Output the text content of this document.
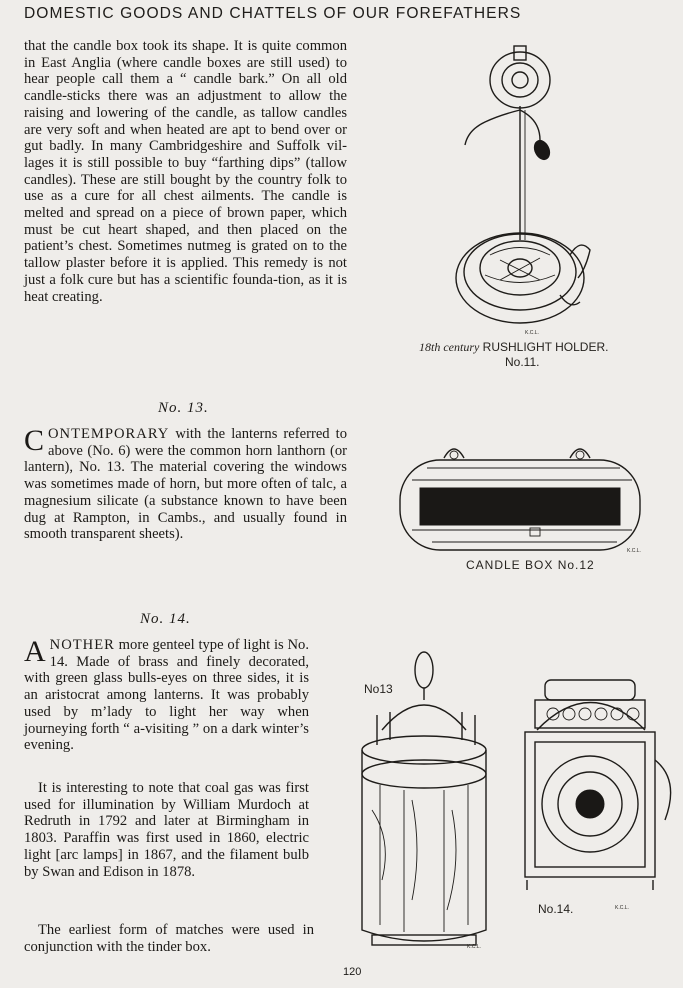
DOMESTIC GOODS AND CHATTELS OF OUR FOREFATHERS

that the candle box took its shape. It is quite common in East Anglia (where candle boxes are still used) to hear people call them a “ candle bark.” On all old candle-sticks there was an adjustment to allow the raising and lowering of the candle, as tallow candles are very soft and when heated are apt to bend over or gut badly. In many Cambridgeshire and Suffolk vil-lages it is still possible to buy “farthing dips” (tallow candles). These are still bought by the country folk to use as a cure for all chest ailments. The candle is melted and spread on a piece of brown paper, which must be cut heart shaped, and then placed on the patient’s chest. Sometimes nutmeg is grated on to the tallow plaster before it is applied. This remedy is not just a folk cure but has a scientific founda-tion, as it is heat creating.

No. 13.

CONTEMPORARY with the lanterns referred to above (No. 6) were the common horn lanthorn (or lantern), No. 13. The material covering the windows was sometimes made of horn, but more often of talc, a magnesium silicate (a substance known to have been dug at Rampton, in Cambs., and usually found in smooth transparent sheets).

No. 14.

ANOTHER more genteel type of light is No. 14. Made of brass and finely decorated, with green glass bulls-eyes on three sides, it is an aristocrat among lanterns. It was probably used by m’lady to light her way when journeying forth “ a-visiting ” on a dark winter’s evening.

It is interesting to note that coal gas was first used for illumination by William Murdoch at Redruth in 1792 and later at Birmingham in 1803. Paraffin was first used in 1860, electric light [arc lamps] in 1867, and the filament bulb by Swan and Edison in 1878.

The earliest form of matches were used in conjunction with the tinder box.

K.C.L.
18th century RUSHLIGHT HOLDER.
No.11.
K.C.L.
CANDLE BOX No.12
No13
K.C.L.
No.14.	K.C.L.
120
